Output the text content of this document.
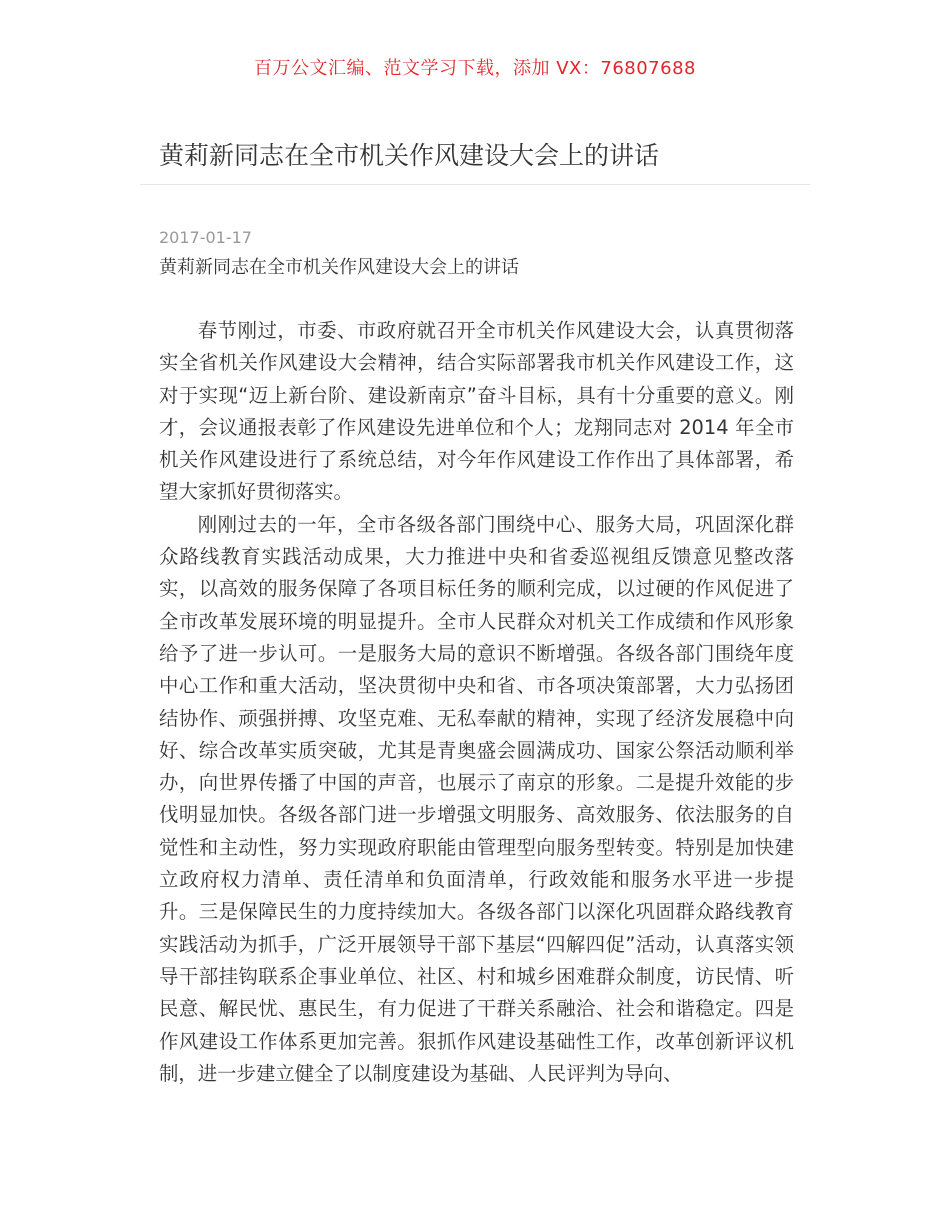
百万公文汇编、范文学习下载，添加 VX：76807688
黄莉新同志在全市机关作风建设大会上的讲话
2017-01-17
黄莉新同志在全市机关作风建设大会上的讲话

春节刚过，市委、市政府就召开全市机关作风建设大会，认真贯彻落实全省机关作风建设大会精神，结合实际部署我市机关作风建设工作，这对于实现“迈上新台阶、建设新南京”奋斗目标，具有十分重要的意义。刚才，会议通报表彰了作风建设先进单位和个人；龙翔同志对 2014 年全市机关作风建设进行了系统总结，对今年作风建设工作作出了具体部署，希望大家抓好贯彻落实。

刚刚过去的一年，全市各级各部门围绕中心、服务大局，巩固深化群众路线教育实践活动成果，大力推进中央和省委巡视组反馈意见整改落实，以高效的服务保障了各项目标任务的顺利完成，以过硬的作风促进了全市改革发展环境的明显提升。全市人民群众对机关工作成绩和作风形象给予了进一步认可。一是服务大局的意识不断增强。各级各部门围绕年度中心工作和重大活动，坚决贯彻中央和省、市各项决策部署，大力弘扬团结协作、顽强拼搏、攻坚克难、无私奉献的精神，实现了经济发展稳中向好、综合改革实质突破，尤其是青奥盛会圆满成功、国家公祭活动顺利举办，向世界传播了中国的声音，也展示了南京的形象。二是提升效能的步伐明显加快。各级各部门进一步增强文明服务、高效服务、依法服务的自觉性和主动性，努力实现政府职能由管理型向服务型转变。特别是加快建立政府权力清单、责任清单和负面清单，行政效能和服务水平进一步提升。三是保障民生的力度持续加大。各级各部门以深化巩固群众路线教育实践活动为抓手，广泛开展领导干部下基层“四解四促”活动，认真落实领导干部挂钩联系企事业单位、社区、村和城乡困难群众制度，访民情、听民意、解民忧、惠民生，有力促进了干群关系融洽、社会和谐稳定。四是作风建设工作体系更加完善。狠抓作风建设基础性工作，改革创新评议机制，进一步建立健全了以制度建设为基础、人民评判为导向、
